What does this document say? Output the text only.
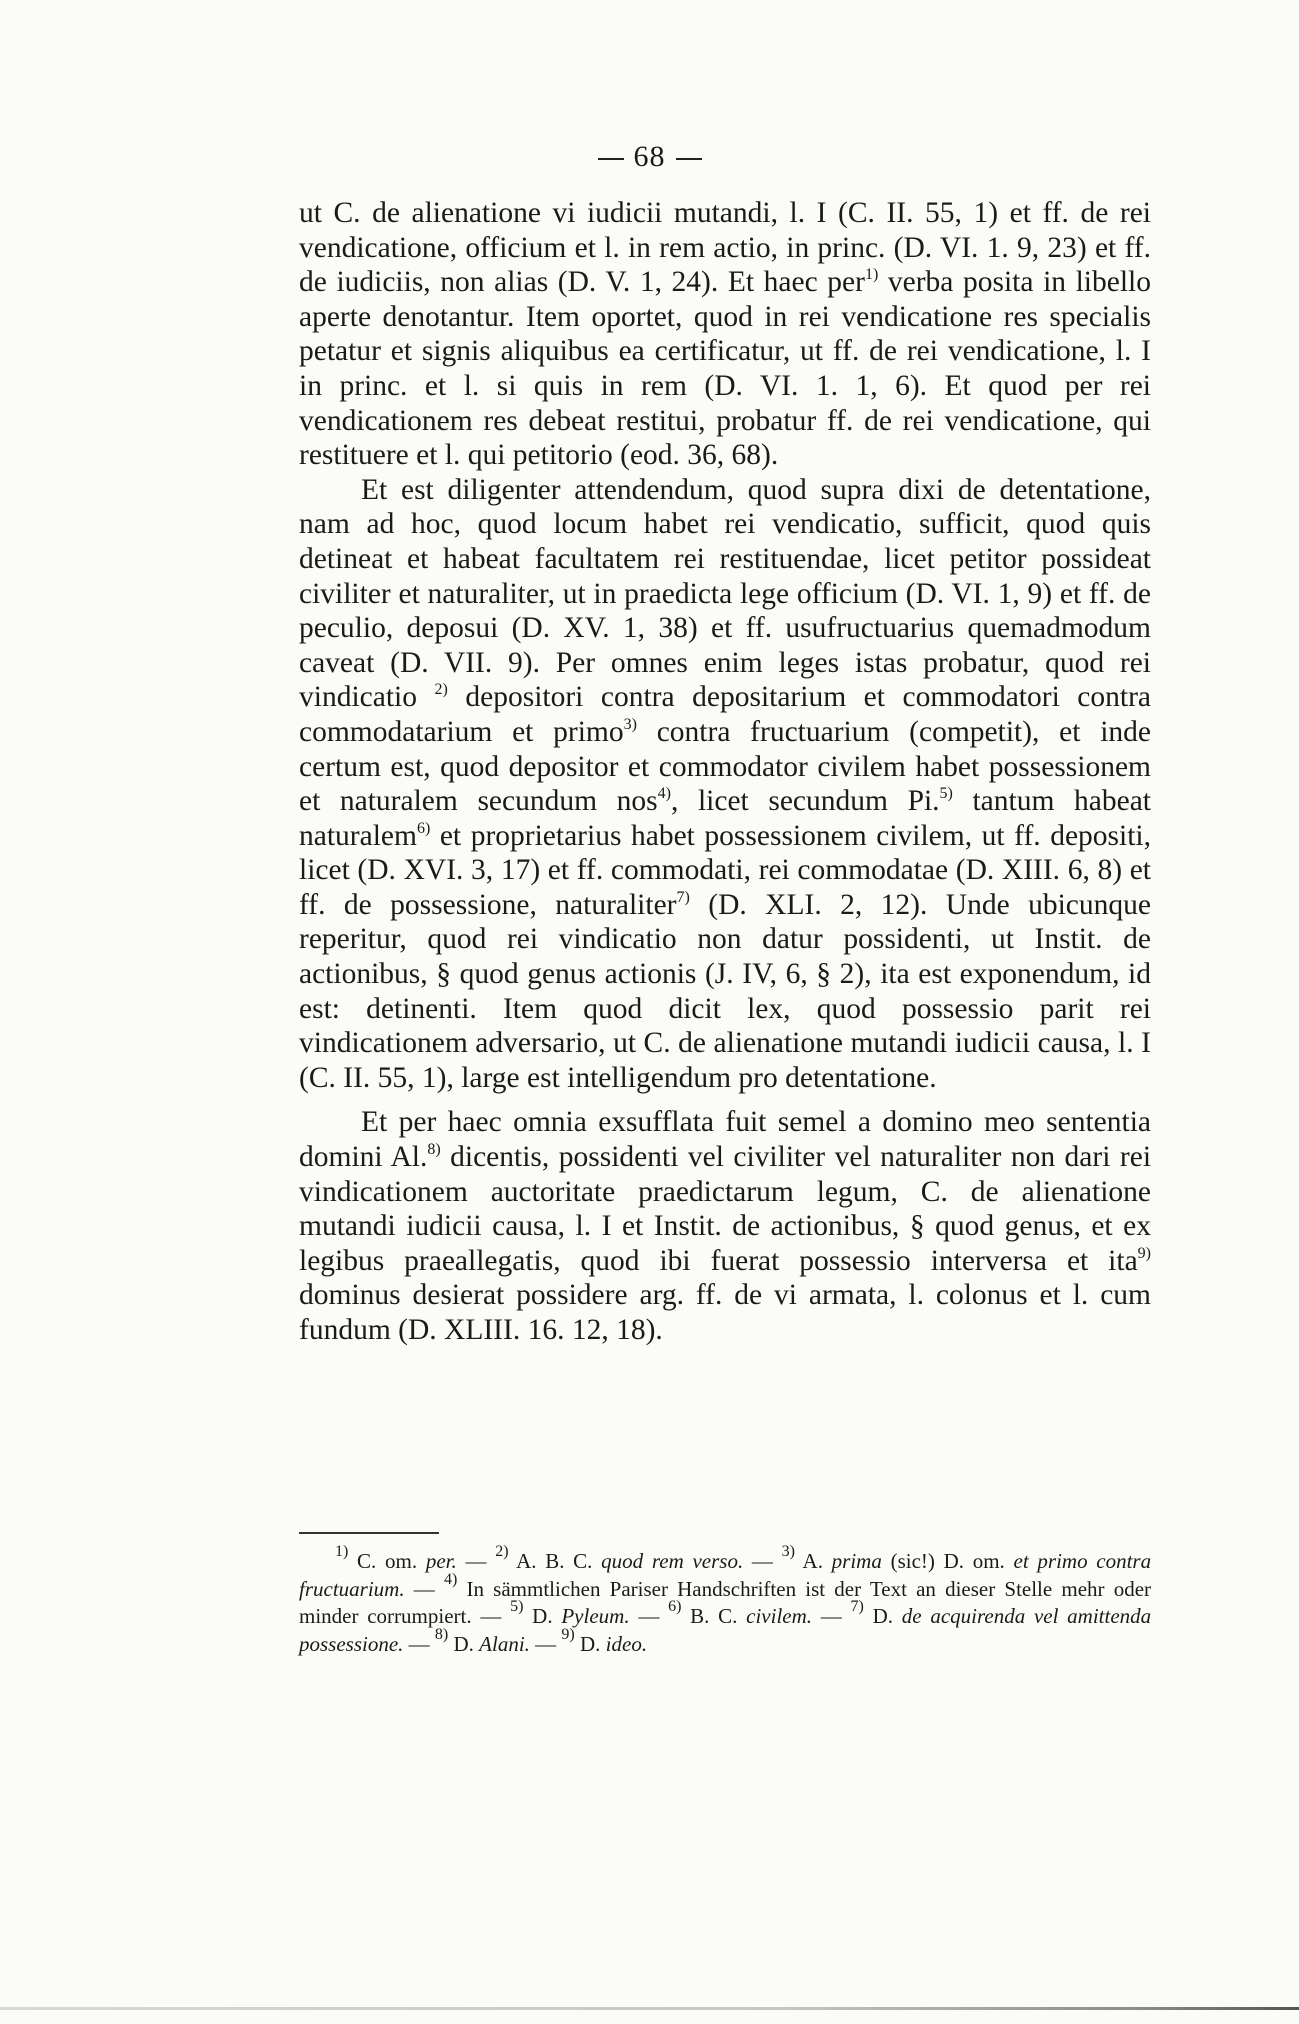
68

ut C. de alienatione vi iudicii mutandi, l. I (C. II. 55, 1) et ff. de rei vendicatione, officium et l. in rem actio, in princ. (D. VI. 1. 9, 23) et ff. de iudiciis, non alias (D. V. 1, 24). Et haec per$^{1)}$ verba posita in libello aperte denotantur. Item oportet, quod in rei vendicatione res specialis petatur et signis aliquibus ea certificatur, ut ff. de rei vendicatione, l. I in princ. et l. si quis in rem (D. VI. 1. 1, 6). Et quod per rei vendicationem res debeat restitui, probatur ff. de rei vendicatione, qui restituere et l. qui petitorio (eod. 36, 68).

Et est diligenter attendendum, quod supra dixi de detentatione, nam ad hoc, quod locum habet rei vendicatio, sufficit, quod quis detineat et habeat facultatem rei restituendae, licet petitor possideat civiliter et naturaliter, ut in praedicta lege officium (D. VI. 1, 9) et ff. de peculio, deposui (D. XV. 1, 38) et ff. usufructuarius quemadmodum caveat (D. VII. 9). Per omnes enim leges istas probatur, quod rei vindicatio $^{2)}$ depositori contra depositarium et commodatori contra commodatarium et primo$^{3)}$ contra fructuarium (competit), et inde certum est, quod depositor et commodator civilem habet possessionem et naturalem secundum nos$^{4)}$, licet secundum Pi.$^{5)}$ tantum habeat naturalem$^{6)}$ et proprietarius habet possessionem civilem, ut ff. depositi, licet (D. XVI. 3, 17) et ff. commodati, rei commodatae (D. XIII. 6, 8) et ff. de possessione, naturaliter$^{7)}$ (D. XLI. 2, 12). Unde ubicunque reperitur, quod rei vindicatio non datur possidenti, ut Instit. de actionibus, § quod genus actionis (J. IV, 6, § 2), ita est exponendum, id est: detinenti. Item quod dicit lex, quod possessio parit rei vindicationem adversario, ut C. de alienatione mutandi iudicii causa, l. I (C. II. 55, 1), large est intelligendum pro detentatione.

Et per haec omnia exsufflata fuit semel a domino meo sententia domini Al.$^{8)}$ dicentis, possidenti vel civiliter vel naturaliter non dari rei vindicationem auctoritate praedictarum legum, C. de alienatione mutandi iudicii causa, l. I et Instit. de actionibus, § quod genus, et ex legibus praeallegatis, quod ibi fuerat possessio interversa et ita$^{9)}$ dominus desierat possidere arg. ff. de vi armata, l. colonus et l. cum fundum (D. XLIII. 16. 12, 18).

$^{1)}$ C. om. per. — $^{2)}$ A. B. C. quod rem verso. — $^{3)}$ A. prima (sic!) D. om. et primo contra fructuarium. — $^{4)}$ In sämmtlichen Pariser Handschriften ist der Text an dieser Stelle mehr oder minder corrumpiert. — $^{5)}$ D. Pyleum. — $^{6)}$ B. C. civilem. — $^{7)}$ D. de acquirenda vel amittenda possessione. — $^{8)}$ D. Alani. — $^{9)}$ D. ideo.
